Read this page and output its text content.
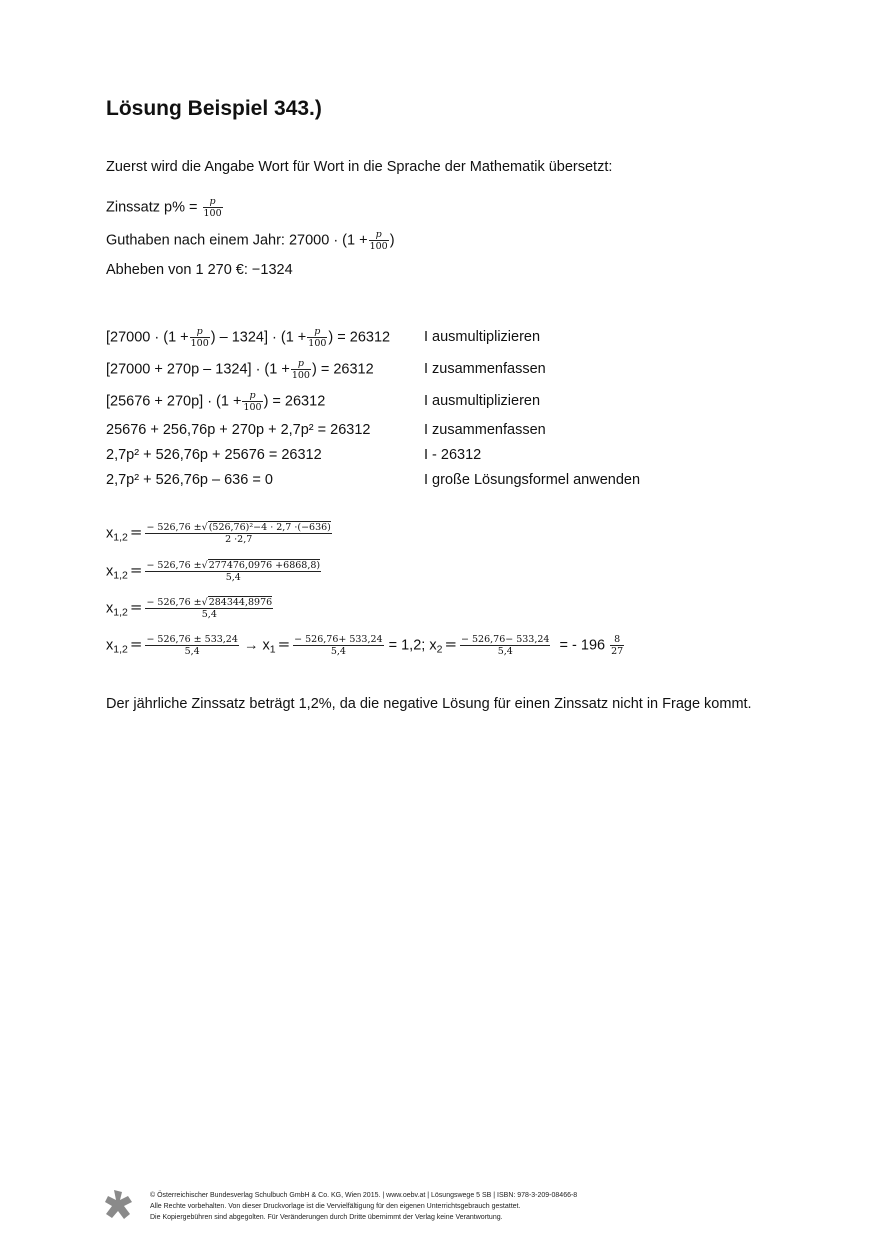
Lösung Beispiel 343.)
Zuerst wird die Angabe Wort für Wort in die Sprache der Mathematik übersetzt:
Zinssatz $p\% = \frac{p}{100}$
Guthaben nach einem Jahr: $27000 \cdot (1 + \frac{p}{100}$ )
Abheben von 1 270 €: −1324
[$27000 \cdot (1 + \frac{p}{100}$ ) – $1324] \cdot (1 + \frac{p}{100}$ ) = 26312 I ausmultiplizieren
$[27000 + 270p - 1324] \cdot (1 + \frac{p}{100}$ ) = 26312	I zusammenfassen
$[25676 + 270p] \cdot (1 + \frac{p}{100}$ ) = 26312	I ausmultiplizieren
25676 + 256,76p + 270p + 2,7p² = 26312	I zusammenfassen
2,7p² + 526,76p + 25676 = 26312	I - 26312
2,7p² + 526,76p – 636 = 0	I große Lösungsformel anwenden
$x_{1,2} = \frac{\text{− 526,76 ±√(526,76)²−4 · 2,7 ·(−636)}}{2 \cdot 2,7}$
$x_{1,2} = \frac{- 526,76 \pm√277476,0976 +6868,8)}{5,4}$
$x_{1,2} = \frac{- 526,76 \pm√284344,8976}{5,4}$
$x_{1,2} = \frac{- 526,76 \pm 533,24}{5,4} \to x_1 = \frac{- 526,76+ 533,24}{5,4} = 1,2$; $x_2 = \frac{- 526,76- 533,24}{5,4}$ = - $196 \frac{8}{27}$
Der jährliche Zinssatz beträgt 1,2%, da die negative Lösung für einen Zinssatz nicht in Frage kommt.
© Österreichischer Bundesverlag Schulbuch GmbH & Co. KG, Wien 2015. | www.oebv.at | Lösungswege 5 SB | ISBN: 978-3-209-08466-8
Alle Rechte vorbehalten. Von dieser Druckvorlage ist die Vervielfältigung für den eigenen Unterrichtsgebrauch gestattet.
Die Kopiergebühren sind abgegolten. Für Veränderungen durch Dritte übernimmt der Verlag keine Verantwortung.
